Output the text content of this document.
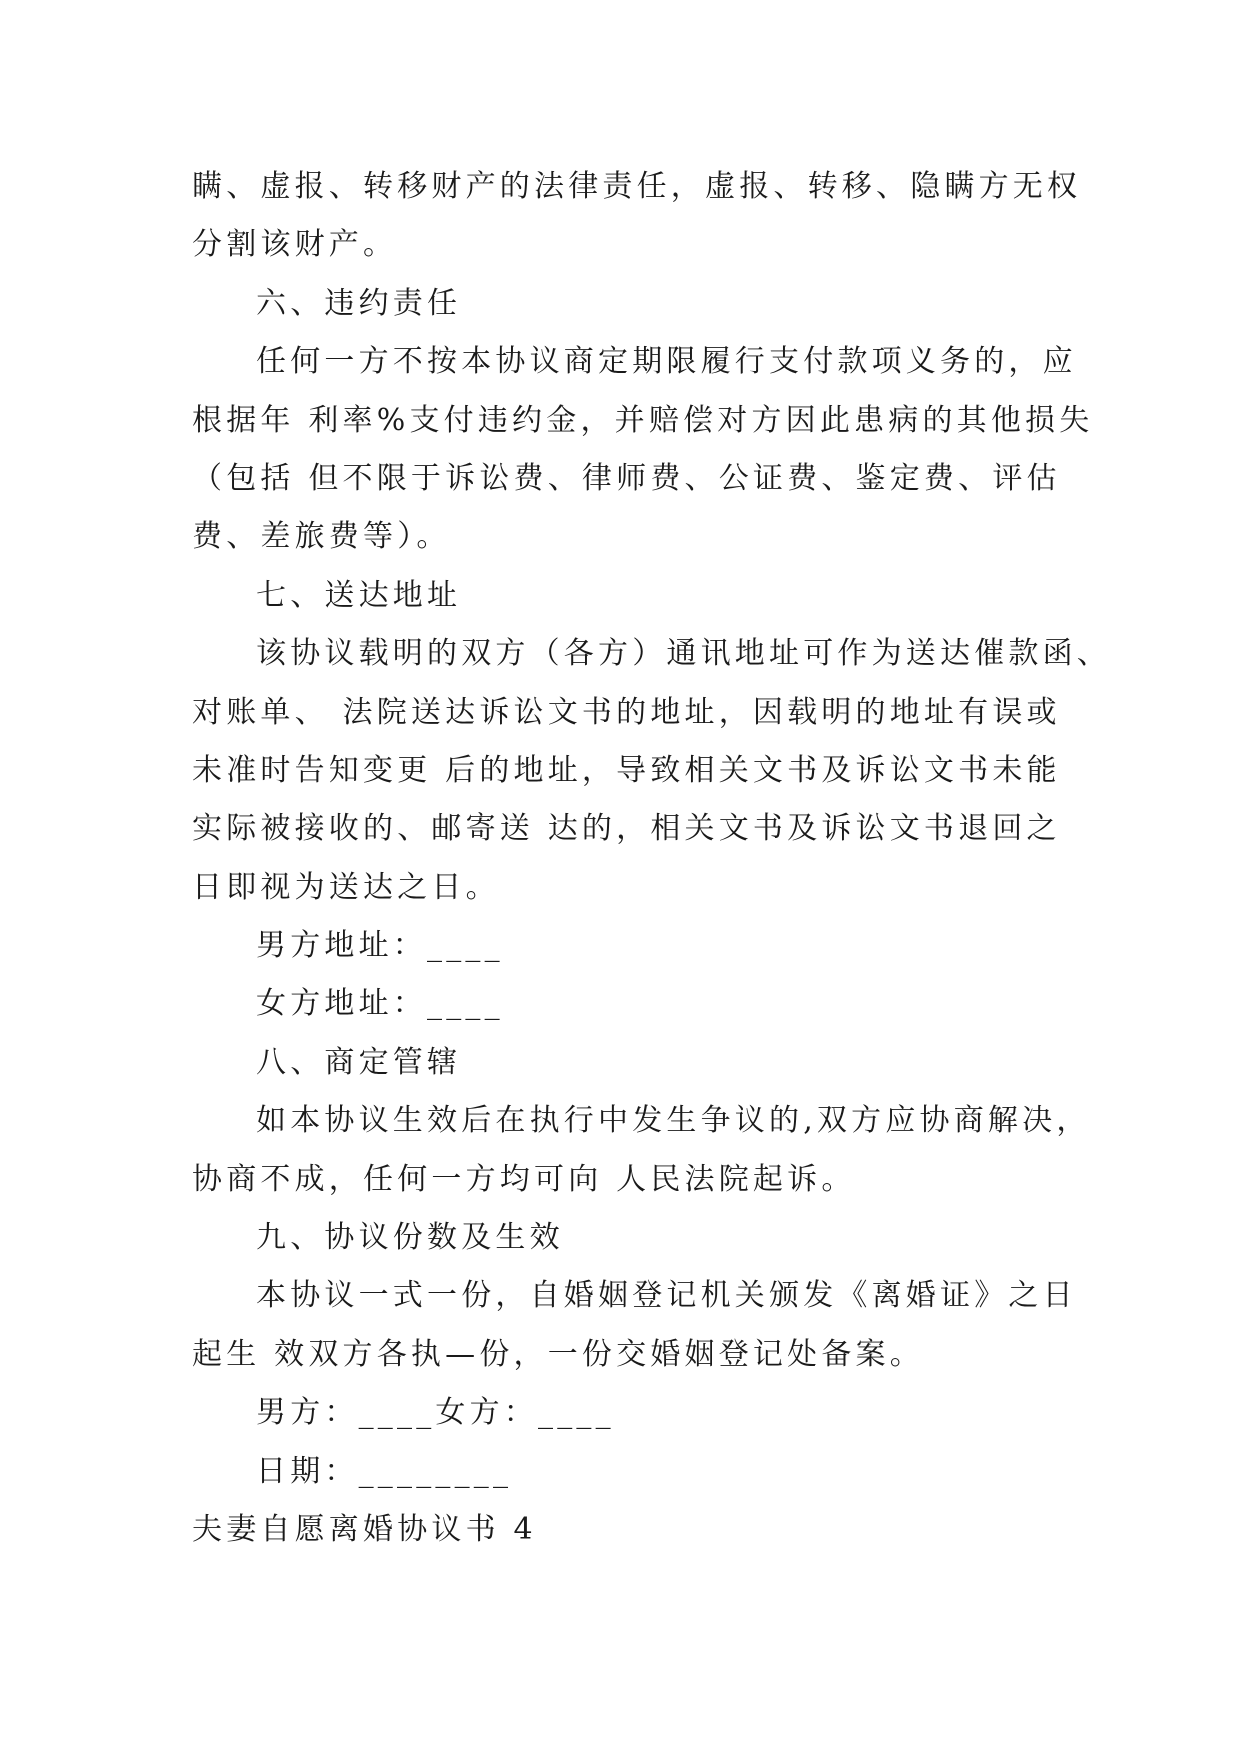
瞒、虚报、转移财产的法律责任，虚报、转移、隐瞒方无权
分割该财产。
六、违约责任
任何一方不按本协议商定期限履行支付款项义务的，应
根据年 利率%支付违约金，并赔偿对方因此患病的其他损失
（包括 但不限于诉讼费、律师费、公证费、鉴定费、评估
费、差旅费等）。
七、送达地址
该协议载明的双方（各方）通讯地址可作为送达催款函、
对账单、 法院送达诉讼文书的地址，因载明的地址有误或
未准时告知变更 后的地址，导致相关文书及诉讼文书未能
实际被接收的、邮寄送 达的，相关文书及诉讼文书退回之
日即视为送达之日。
男方地址：____
女方地址：____
八、商定管辖
如本协议生效后在执行中发生争议的,双方应协商解决，
协商不成，任何一方均可向 人民法院起诉。
九、协议份数及生效
本协议一式一份，自婚姻登记机关颁发《离婚证》之日
起生 效双方各执—份，一份交婚姻登记处备案。
男方：____女方：____
日期：________
夫妻自愿离婚协议书 4
